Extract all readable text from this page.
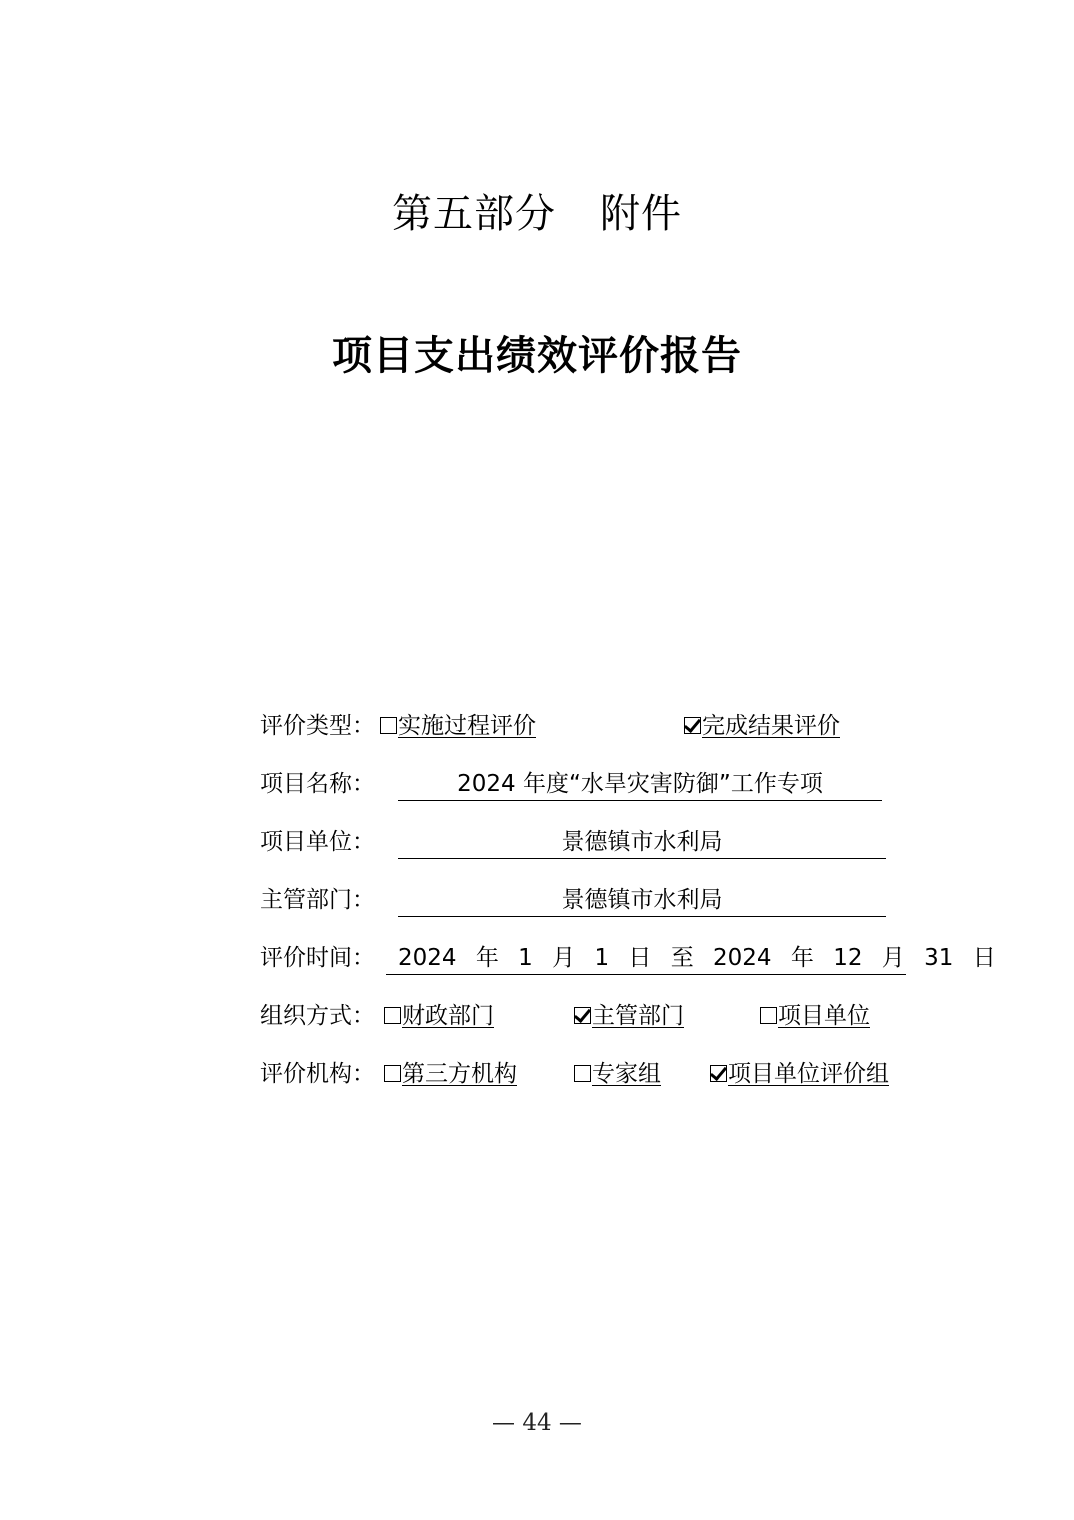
第五部分 附件
项目支出绩效评价报告
评价类型：	实施过程评价	完成结果评价
项目名称：	2024 年度“水旱灾害防御”工作专项
项目单位：	景德镇市水利局
主管部门：	景德镇市水利局
评价时间：	2024 年 1 月 1 日 至 2024 年 12 月 31 日
组织方式：	财政部门	主管部门	项目单位
评价机构：	第三方机构	专家组	项目单位评价组
— 44 —
